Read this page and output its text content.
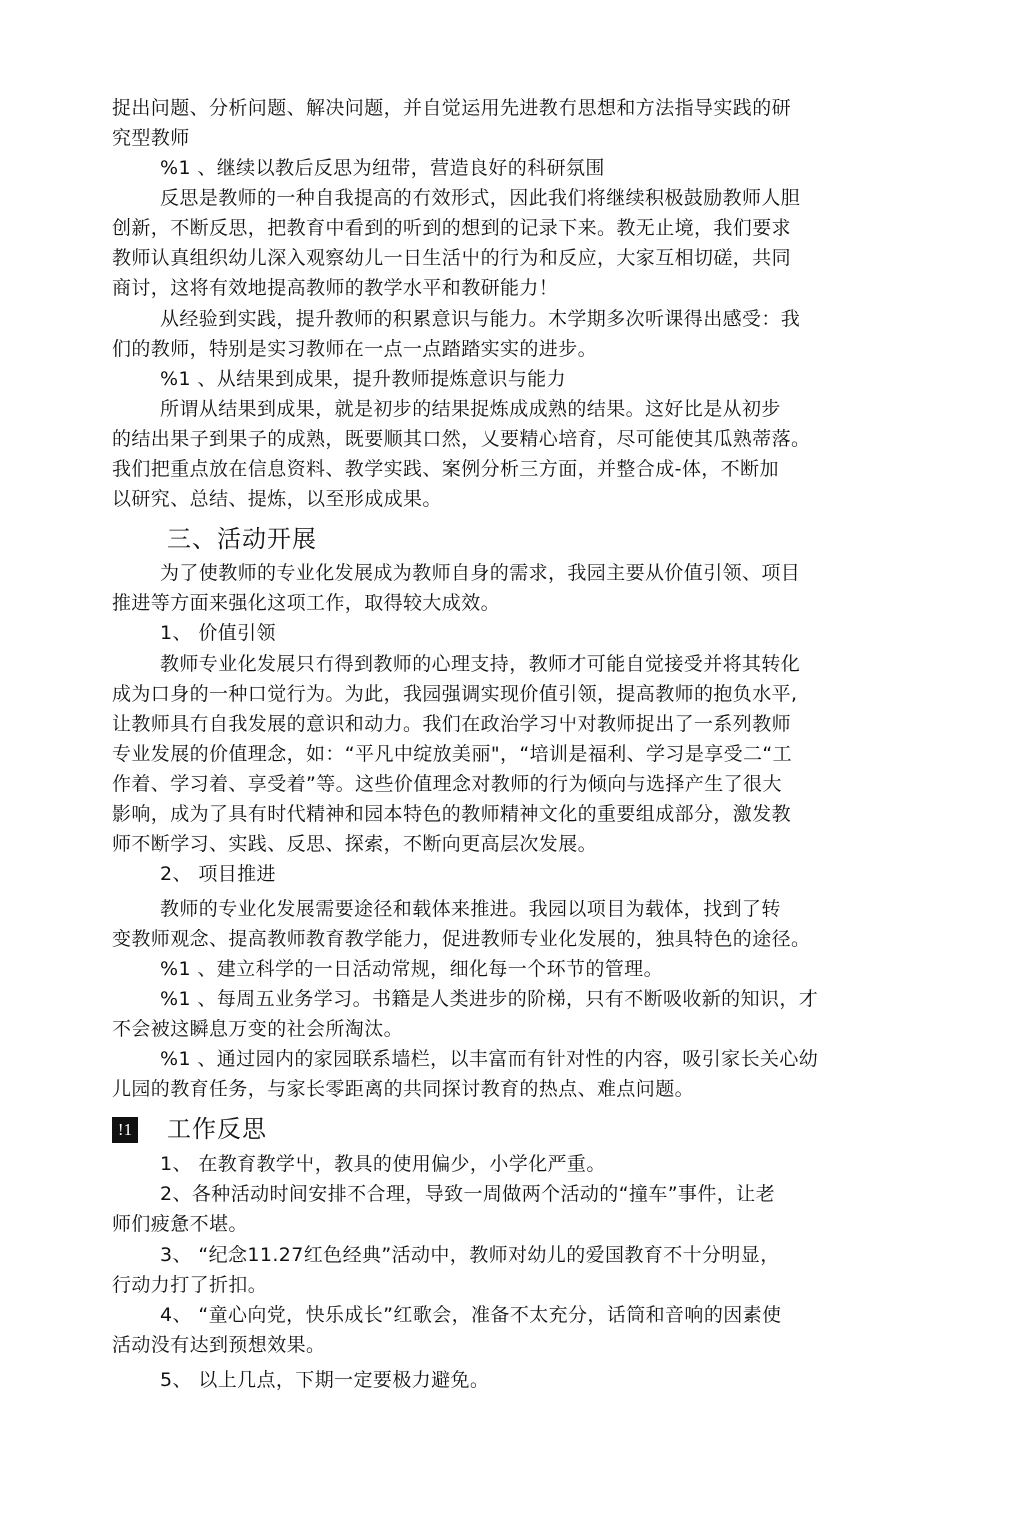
捉出问题、分析问题、解决问题，并自觉运用先进教冇思想和方法指导实践的研
究型教师
%1 、继续以教后反思为纽带，营造良好的科研氛围
反思是教师的一种自我提高的冇效形式，因此我们将继续积极鼓励教师人胆
创新，不断反思，把教育中看到的听到的想到的记录下来。教无止境，我们要求
教师认真组织幼儿深入观察幼儿一日生活屮的行为和反应，大家互相切磋，共同
商讨，这将有效地提高教师的教学水平和教研能力！
从经验到实践，提升教师的积累意识与能力。木学期多次听课得出感受：我
们的教师，特别是实习教师在一点一点踏踏实实的进步。
%1 、从结果到成果，提升教师提炼意识与能力
所谓从结果到成果，就是初步的结果捉炼成成熟的结果。这好比是从初步
的结出果子到果子的成熟，既要顺其口然，乂要精心培育，尽可能使其瓜熟蒂落。
我们把重点放在信息资料、教学实践、案例分析三方面，并整合成-体，不断加
以研究、总结、提炼，以至形成成果。
三、活动开展
为了使教师的专业化发展成为教师自身的需求，我园主要从价值引领、项目
推进等方面来强化这项工作，取得较大成效。
1、 价值引领
教师专业化发展只冇得到教师的心理支持，教师才可能自觉接受并将其转化
成为口身的一种口觉行为。为此，我园强调实现价值引领，提高教师的抱负水平,
让教师具冇自我发展的意识和动力。我们在政治学习屮对教师捉出了一系列教师
专业发展的价值理念，如：“平凡中绽放美丽"，“培训是福利、学习是享受二“工
作着、学习着、享受着”等。这些价值理念对教师的行为倾向与选择产生了很大
影响，成为了具有时代精神和园本特色的教师精神文化的重要组成部分，激发教
师不断学习、实践、反思、探索，不断向更高层次发展。
2、 项目推进
教师的专业化发展需要途径和载体来推进。我园以项目为载体，找到了转
变教师观念、提高教师教育教学能力，促进教师专业化发展的，独具特色的途径。
%1 、建立科学的一日活动常规，细化每一个环节的管理。
%1 、每周五业务学习。书籍是人类进步的阶梯，只有不断吸收新的知识，才
不会被这瞬息万变的社会所淘汰。
%1 、通过园内的家园联系墙栏，以丰富而有针对性的内容，吸引家长关心幼
儿园的教育任务，与家长零距离的共同探讨教育的热点、难点问题。
!1 工作反思
1、 在教育教学屮，教具的使用偏少，小学化严重。
2、各种活动时间安排不合理，导致一周做两个活动的“撞车”事件，让老
师们疲惫不堪。
3、 “纪念11.27红色经典”活动中，教师对幼儿的爱国教育不十分明显，
行动力打了折扣。
4、 “童心向党，快乐成长”红歌会，准备不太充分，话筒和音响的因素使
活动没有达到预想效果。
5、 以上几点，下期一定要极力避免。
